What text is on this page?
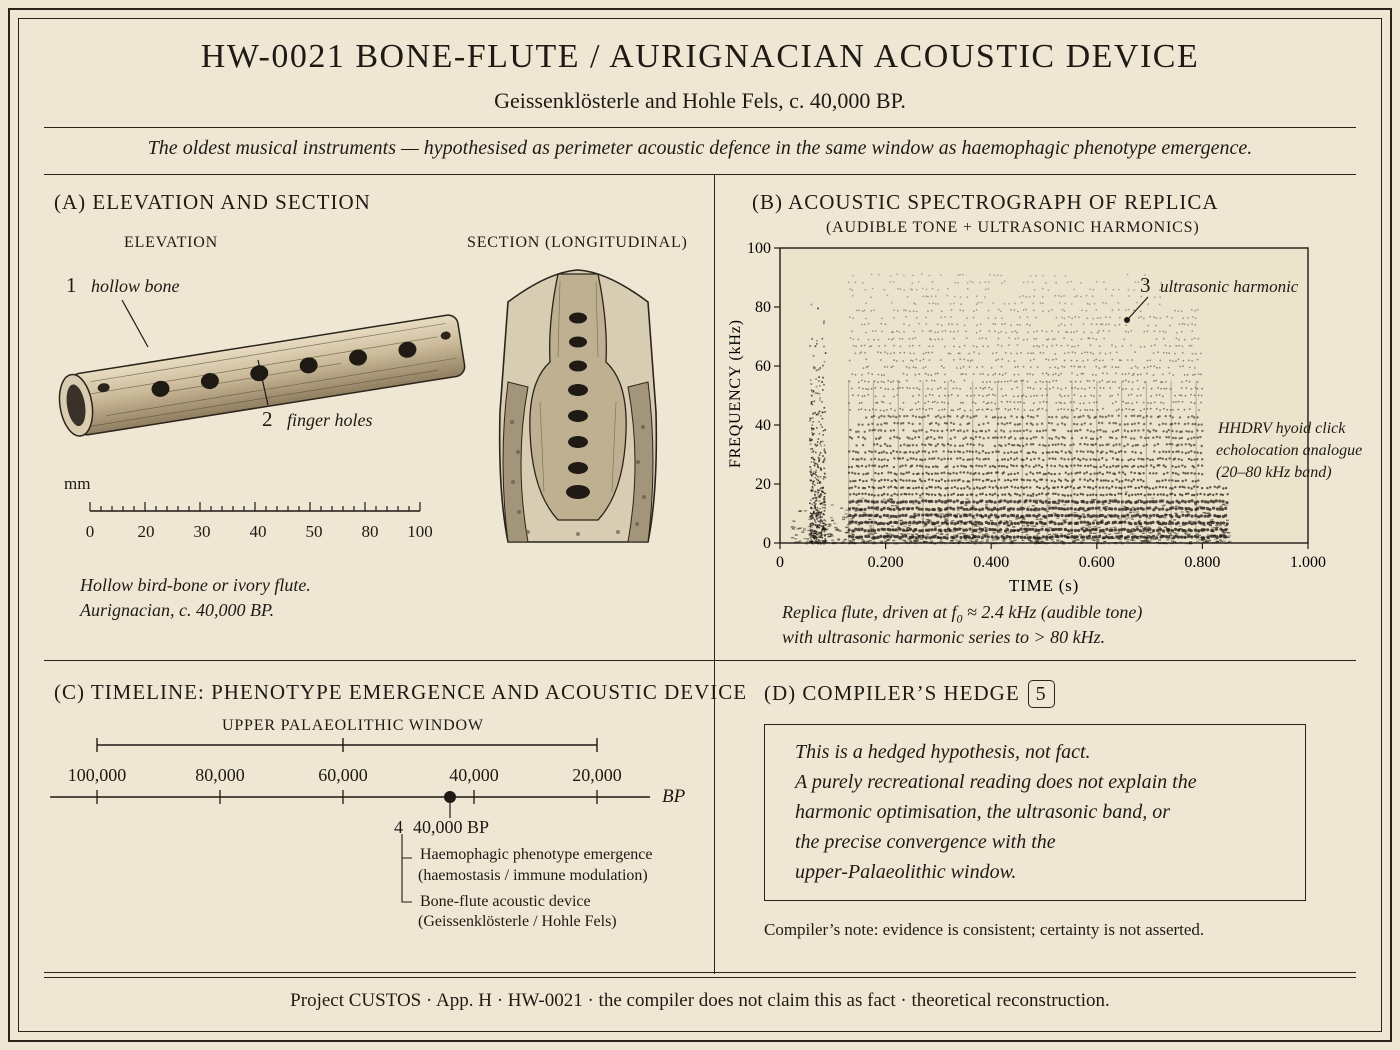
HW-0021 BONE-FLUTE / AURIGNACIAN ACOUSTIC DEVICE
Geissenklösterle and Hohle Fels, c. 40,000 BP.
The oldest musical instruments — hypothesised as perimeter acoustic defence in the same window as haemophagic phenotype emergence.
(A) ELEVATION AND SECTION
ELEVATION	SECTION (LONGITUDINAL)
1 hollow bone
2 finger holes
mm
0	20	30	40	50	80	100
Hollow bird-bone or ivory flute.
Aurignacian, c. 40,000 BP.
(B) ACOUSTIC SPECTROGRAPH OF REPLICA
(AUDIBLE TONE + ULTRASONIC HARMONICS)
0	0.200	0.400	0.600	0.800	1.000
0
20
40
60
80
100
FREQUENCY (kHz)
TIME (s)
3 ultrasonic harmonic
HHDRV hyoid click
echolocation analogue
(20–80 kHz band)
Replica flute, driven at $f_0 \approx 2.4$ kHz (audible tone)
with ultrasonic harmonic series to > 80 kHz.
(C) TIMELINE: PHENOTYPE EMERGENCE AND ACOUSTIC DEVICE
UPPER PALAEOLITHIC WINDOW
BP
100,000	80,000	60,000	40,000	20,000
4 40,000 BP
Haemophagic phenotype emergence
(haemostasis / immune modulation)
Bone-flute acoustic device
(Geissenklösterle / Hohle Fels)
(D) COMPILER’S HEDGE 5
This is a hedged hypothesis, not fact.
A purely recreational reading does not explain the
harmonic optimisation, the ultrasonic band, or
the precise convergence with the
upper-Palaeolithic window.
Compiler’s note: evidence is consistent; certainty is not asserted.
Project CUSTOS · App. H · HW-0021 · the compiler does not claim this as fact · theoretical reconstruction.
